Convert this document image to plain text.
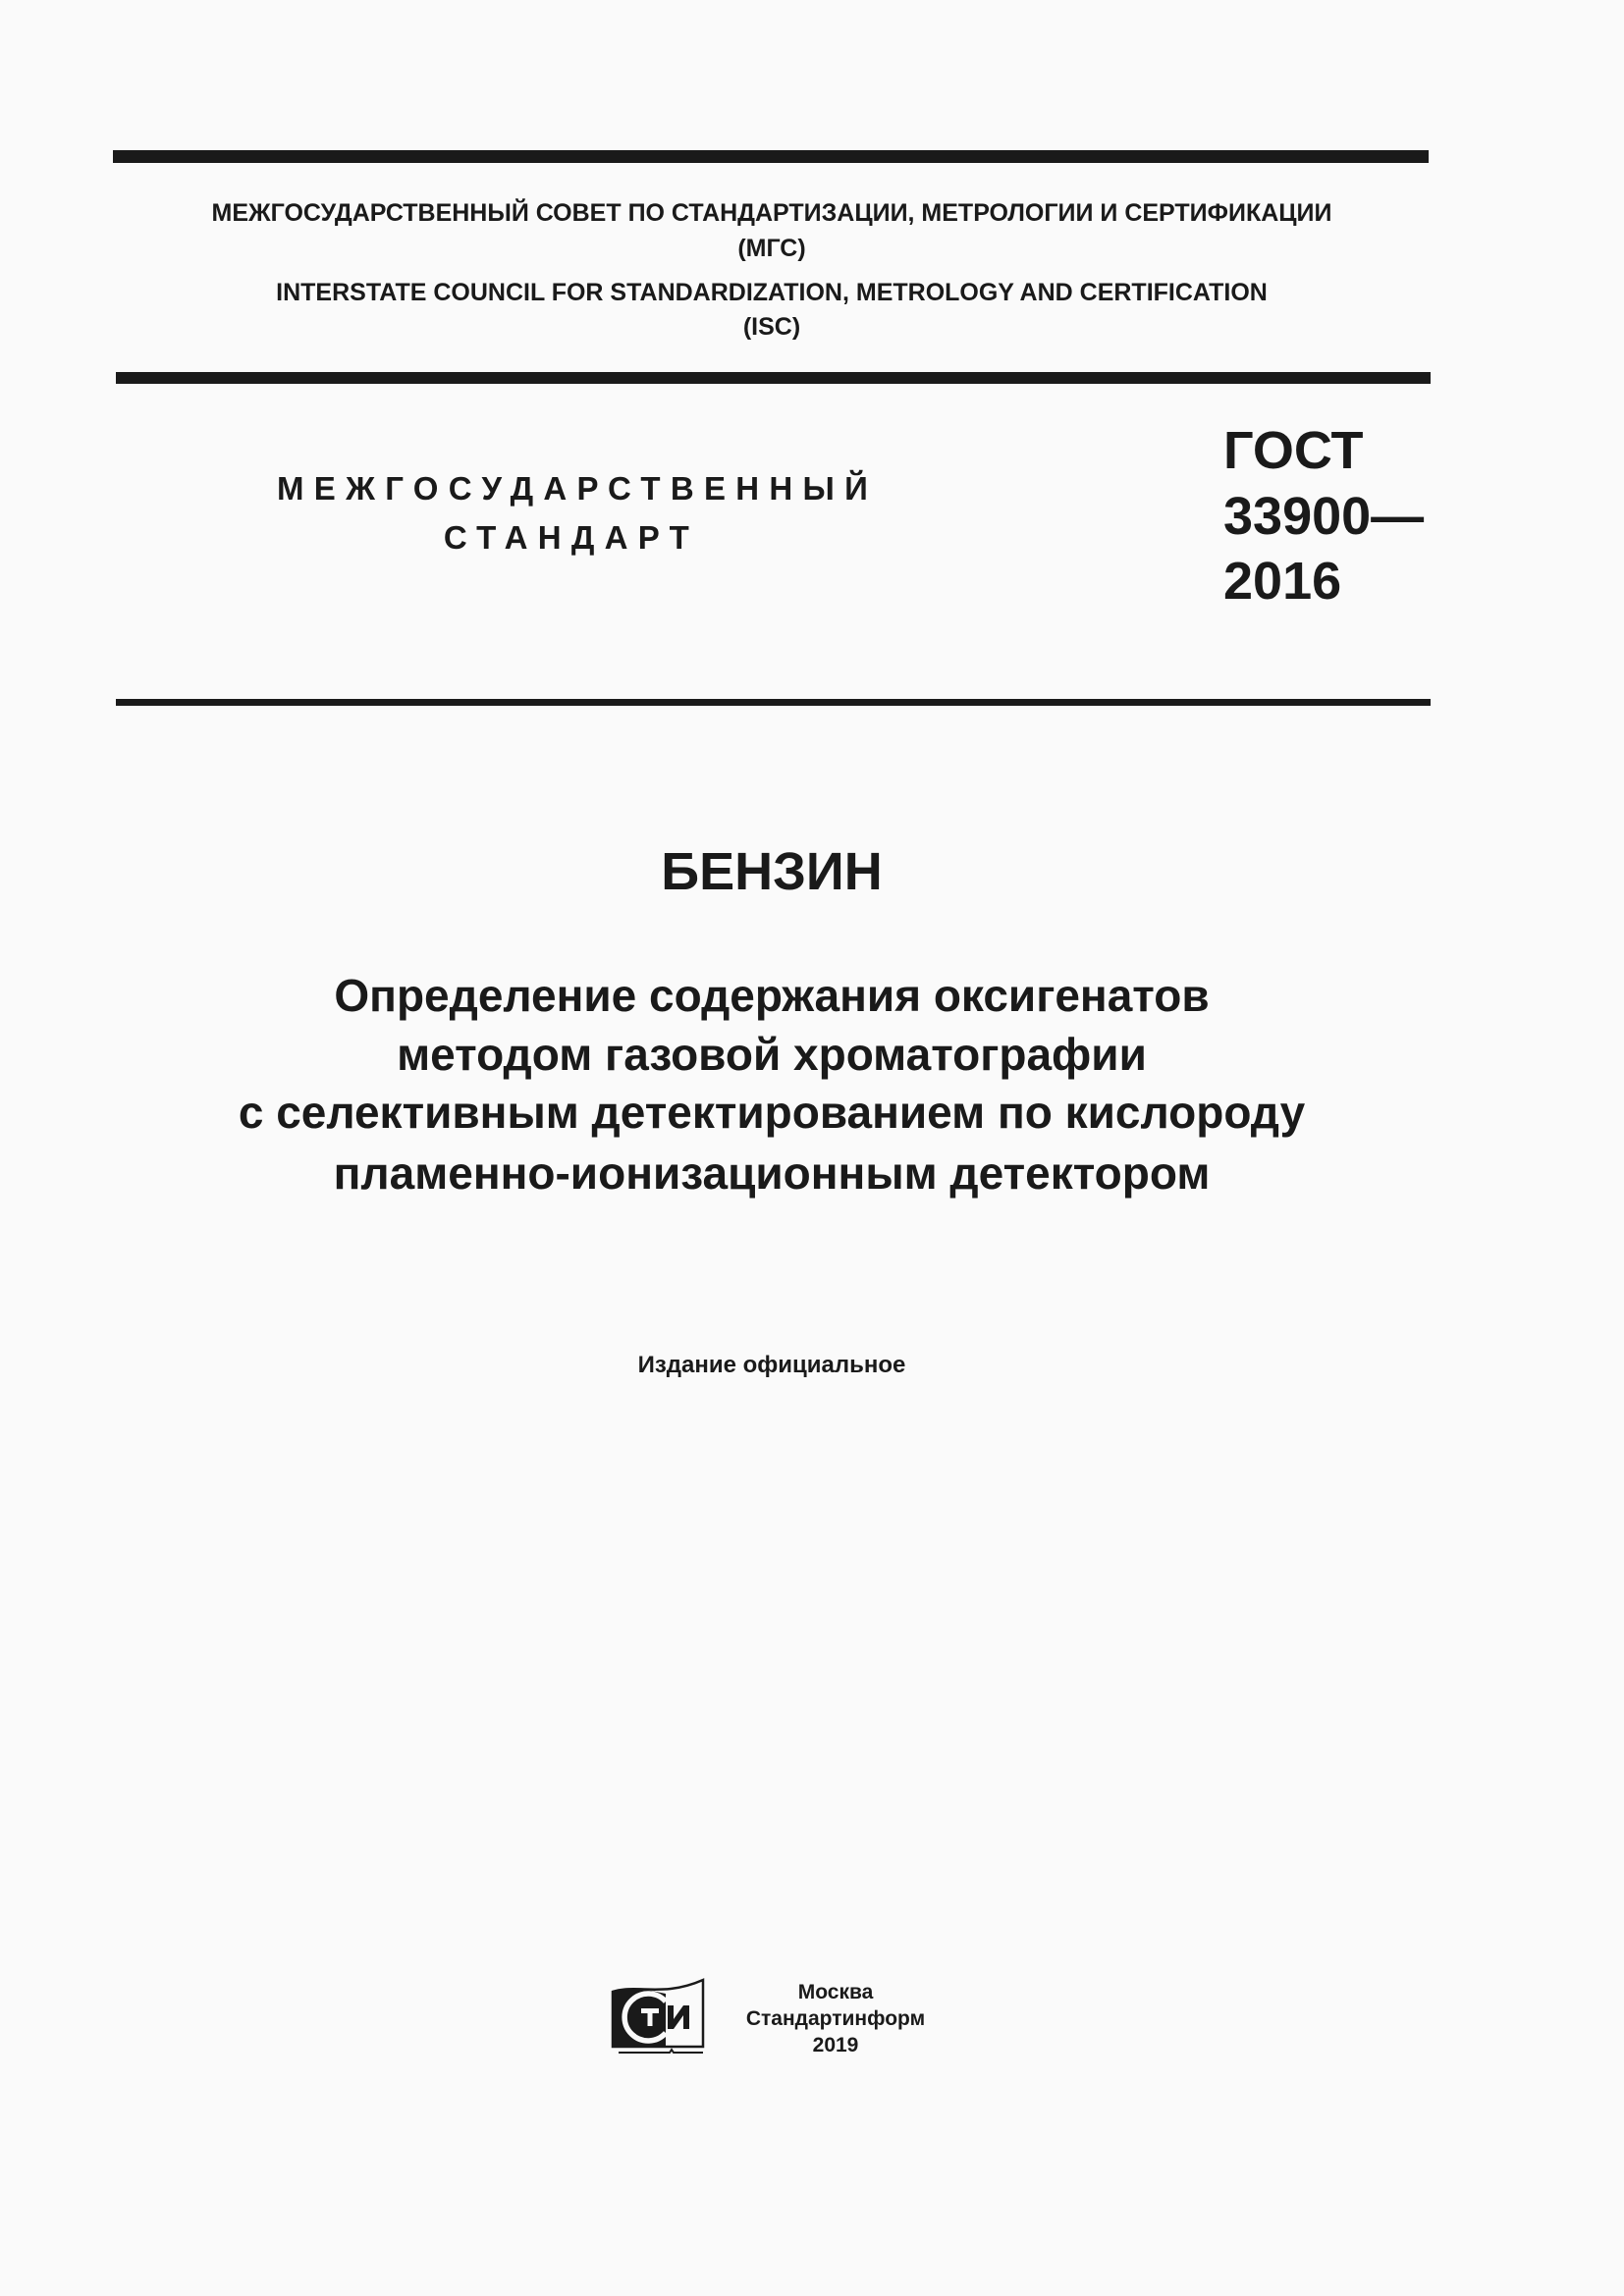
МЕЖГОСУДАРСТВЕННЫЙ СОВЕТ ПО СТАНДАРТИЗАЦИИ, МЕТРОЛОГИИ И СЕРТИФИКАЦИИ
(МГС)
INTERSTATE COUNCIL FOR STANDARDIZATION, METROLOGY AND CERTIFICATION
(ISC)
МЕЖГОСУДАРСТВЕННЫЙ
СТАНДАРТ
ГОСТ
33900—
2016
БЕНЗИН
Определение содержания оксигенатов
методом газовой хроматографии
с селективным детектированием по кислороду
пламенно-ионизационным детектором
Издание официальное
Москва
Стандартинформ
2019
